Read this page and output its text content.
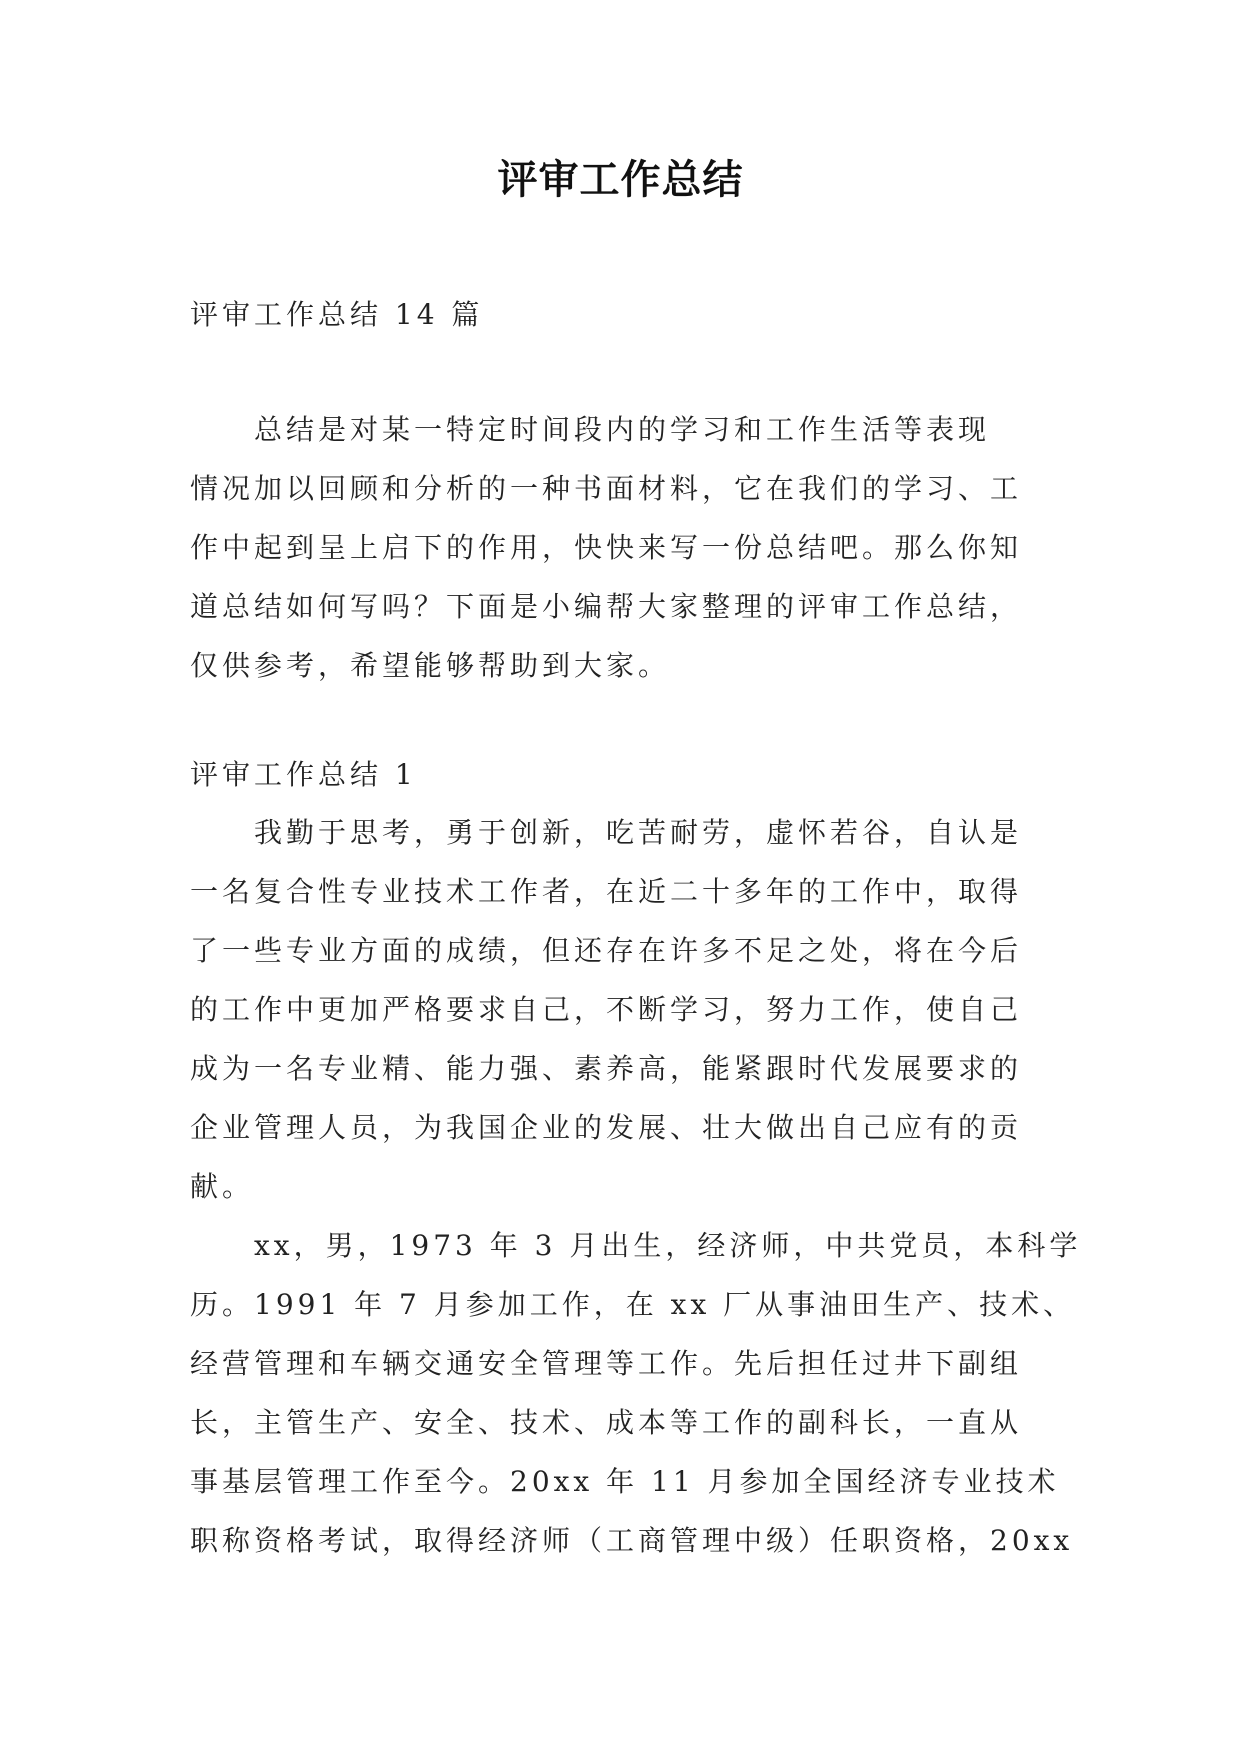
评审工作总结
评审工作总结 14 篇
总结是对某一特定时间段内的学习和工作生活等表现
情况加以回顾和分析的一种书面材料，它在我们的学习、工
作中起到呈上启下的作用，快快来写一份总结吧。那么你知
道总结如何写吗？下面是小编帮大家整理的评审工作总结，
仅供参考，希望能够帮助到大家。
评审工作总结 1
我勤于思考，勇于创新，吃苦耐劳，虚怀若谷，自认是
一名复合性专业技术工作者，在近二十多年的工作中，取得
了一些专业方面的成绩，但还存在许多不足之处，将在今后
的工作中更加严格要求自己，不断学习，努力工作，使自己
成为一名专业精、能力强、素养高，能紧跟时代发展要求的
企业管理人员，为我国企业的发展、壮大做出自己应有的贡
献。
xx，男，1973 年 3 月出生，经济师，中共党员，本科学
历。1991 年 7 月参加工作，在 xx 厂从事油田生产、技术、
经营管理和车辆交通安全管理等工作。先后担任过井下副组
长，主管生产、安全、技术、成本等工作的副科长，一直从
事基层管理工作至今。20xx 年 11 月参加全国经济专业技术
职称资格考试，取得经济师（工商管理中级）任职资格，20xx
